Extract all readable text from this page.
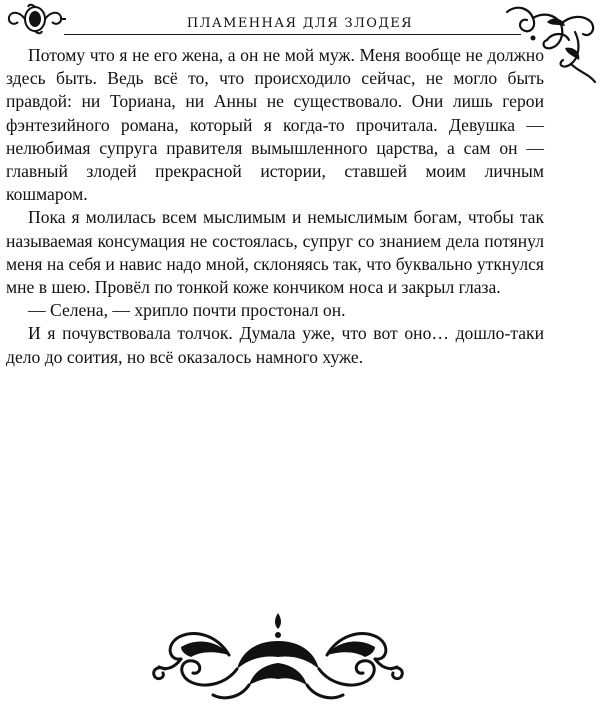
ПЛАМЕННАЯ ДЛЯ ЗЛОДЕЯ

Потому что я не его жена, а он не мой муж. Меня вообще не должно здесь быть. Ведь всё то, что происходило сейчас, не могло быть правдой: ни Ториана, ни Анны не существовало. Они лишь герои фэнтезийного романа, который я когда-то прочитала. Девушка — нелюбимая супруга правителя вымышленного царства, а сам он — главный злодей прекрасной истории, ставшей моим личным кошмаром.

Пока я молилась всем мыслимым и немыслимым богам, чтобы так называемая консумация не состоялась, супруг со знанием дела потянул меня на себя и навис надо мной, склоняясь так, что буквально уткнулся мне в шею. Провёл по тонкой коже кончиком носа и закрыл глаза.

— Селена, — хрипло почти простонал он.

И я почувствовала толчок. Думала уже, что вот оно… дошло-таки дело до соития, но всё оказалось намного хуже.
